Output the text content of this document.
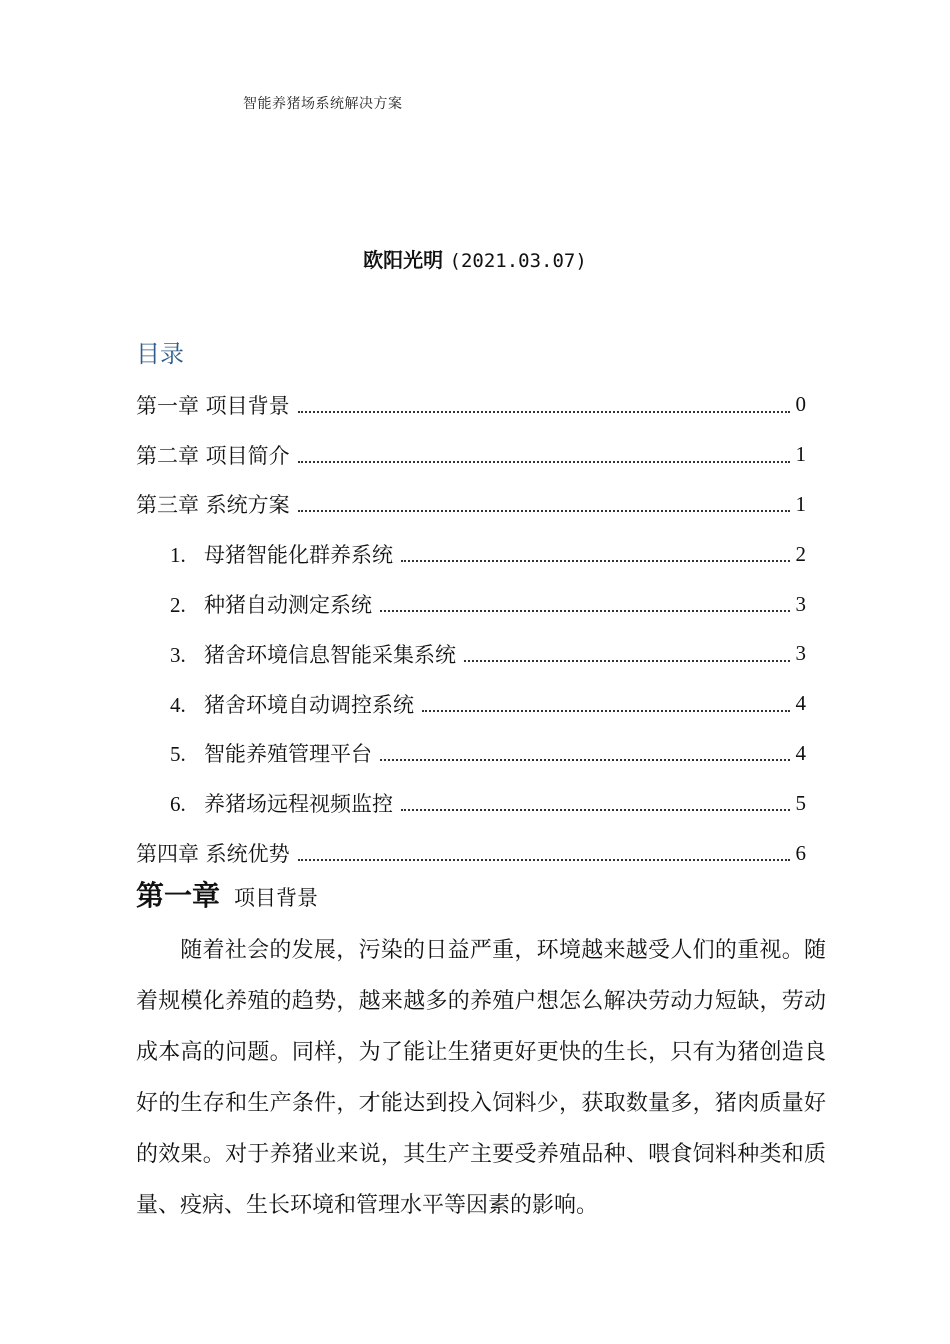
智能养猪场系统解决方案
欧阳光明 (2021.03.07)
目录
第一章 项目背景	0
第二章 项目简介	1
第三章 系统方案	1
1. 母猪智能化群养系统	2
2. 种猪自动测定系统	3
3. 猪舍环境信息智能采集系统	3
4. 猪舍环境自动调控系统	4
5. 智能养殖管理平台	4
6. 养猪场远程视频监控	5
第四章 系统优势	6
第一章 项目背景

随着社会的发展，污染的日益严重，环境越来越受人们的重视。随着规模化养殖的趋势，越来越多的养殖户想怎么解决劳动力短缺，劳动成本高的问题。同样，为了能让生猪更好更快的生长，只有为猪创造良好的生存和生产条件，才能达到投入饲料少，获取数量多，猪肉质量好的效果。对于养猪业来说，其生产主要受养殖品种、喂食饲料种类和质量、疫病、生长环境和管理水平等因素的影响。
